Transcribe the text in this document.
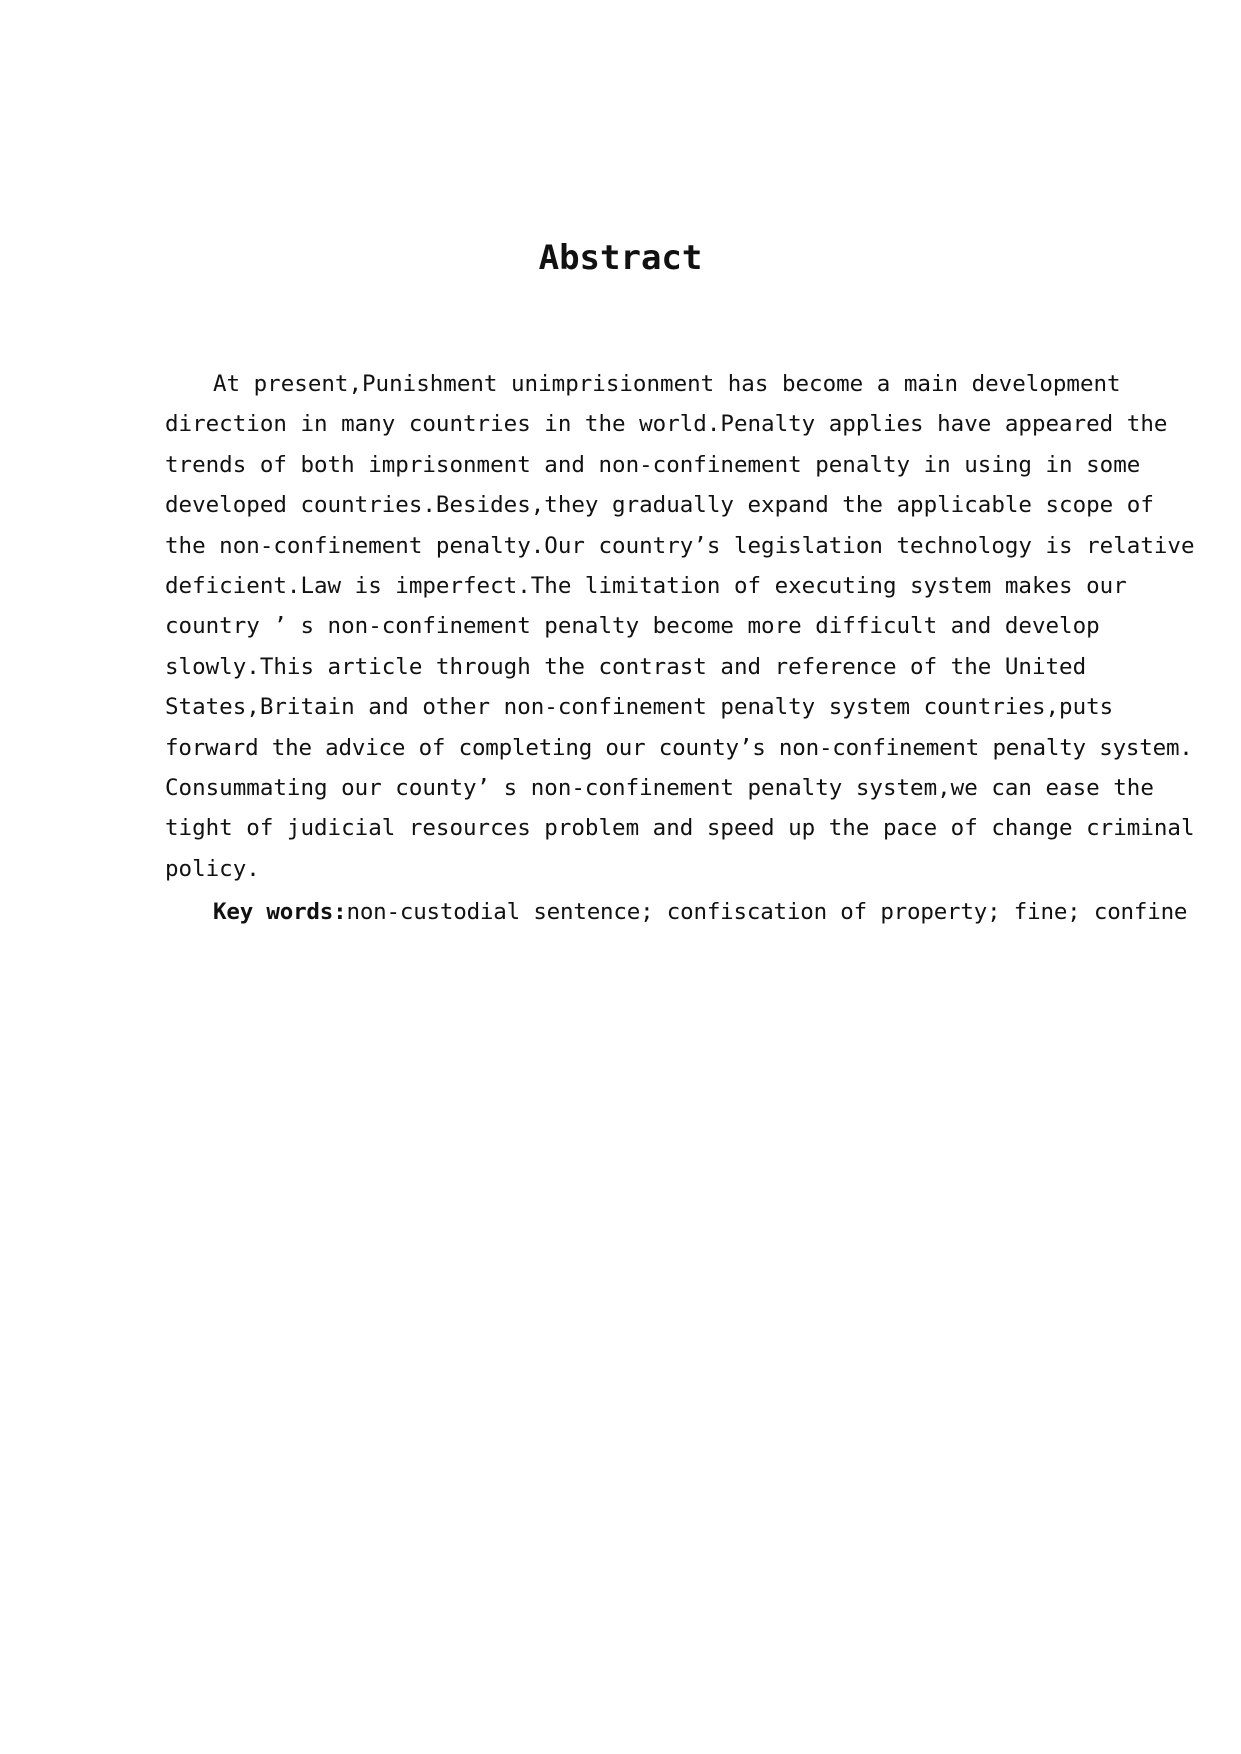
Abstract
At present,Punishment unimprisionment has become a main development
direction in many countries in the world.Penalty applies have appeared the
trends of both imprisonment and non-confinement penalty in using in some
developed countries.Besides,they gradually expand the applicable scope of
the non-confinement penalty.Our country’s legislation technology is relative
deficient.Law is imperfect.The limitation of executing system makes our
country ’ s non-confinement penalty become more difficult and develop
slowly.This article through the contrast and reference of the United
States,Britain and other non-confinement penalty system countries,puts
forward the advice of completing our county’s non-confinement penalty system.
Consummating our county’ s non-confinement penalty system,we can ease the
tight of judicial resources problem and speed up the pace of change criminal
policy.
Key words:non-custodial sentence; confiscation of property; fine; confine
